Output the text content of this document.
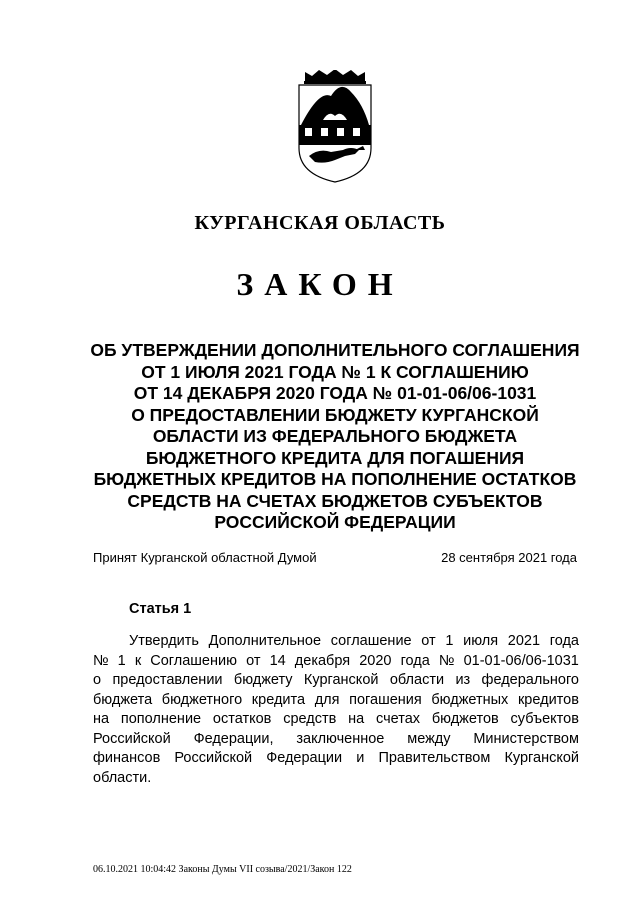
КУРГАНСКАЯ ОБЛАСТЬ
ЗАКОН
ОБ УТВЕРЖДЕНИИ ДОПОЛНИТЕЛЬНОГО СОГЛАШЕНИЯ
ОТ 1 ИЮЛЯ 2021 ГОДА № 1 К СОГЛАШЕНИЮ
ОТ 14 ДЕКАБРЯ 2020 ГОДА № 01-01-06/06-1031
О ПРЕДОСТАВЛЕНИИ БЮДЖЕТУ КУРГАНСКОЙ
ОБЛАСТИ ИЗ ФЕДЕРАЛЬНОГО БЮДЖЕТА
БЮДЖЕТНОГО КРЕДИТА ДЛЯ ПОГАШЕНИЯ
БЮДЖЕТНЫХ КРЕДИТОВ НА ПОПОЛНЕНИЕ ОСТАТКОВ
СРЕДСТВ НА СЧЕТАХ БЮДЖЕТОВ СУБЪЕКТОВ
РОССИЙСКОЙ ФЕДЕРАЦИИ
Принят Курганской областной Думой	28 сентября 2021 года
Статья 1
Утвердить Дополнительное соглашение от 1 июля 2021 года
№ 1 к Соглашению от 14 декабря 2020 года № 01-01-06/06-1031
о предоставлении бюджету Курганской области из федерального
бюджета бюджетного кредита для погашения бюджетных кредитов
на пополнение остатков средств на счетах бюджетов субъектов
Российской Федерации, заключенное между Министерством
финансов Российской Федерации и Правительством Курганской
области.
06.10.2021 10:04:42 Законы Думы VII созыва/2021/Закон 122
